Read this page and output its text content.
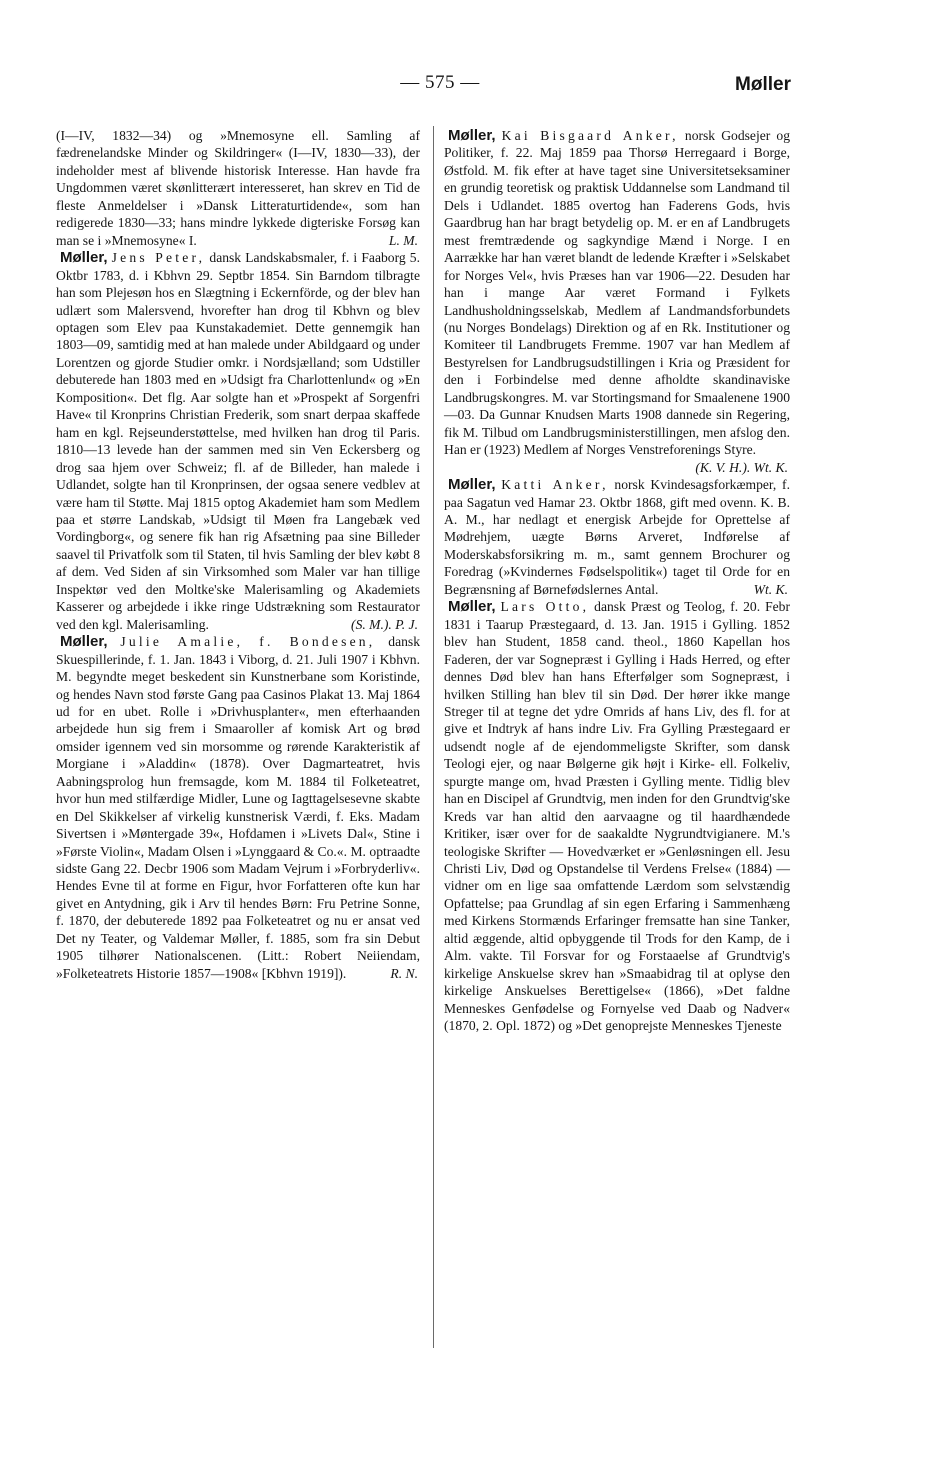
— 575 —	Møller

(I—IV, 1832—34) og »Mnemosyne ell. Samling af fædrenelandske Minder og Skildringer« (I—IV, 1830—33), der indeholder mest af blivende historisk Interesse. Han havde fra Ungdommen været skønlitterært interesseret, han skrev en Tid de fleste Anmeldelser i »Dansk Litteraturtidende«, som han redigerede 1830—33; hans mindre lykkede digteriske Forsøg kan man se i »Mnemosyne« I.	L. M.

Møller, Jens Peter, dansk Landskabsmaler, f. i Faaborg 5. Oktbr 1783, d. i Kbhvn 29. Septbr 1854. Sin Barndom tilbragte han som Plejesøn hos en Slægtning i Eckernförde, og der blev han udlært som Malersvend, hvorefter han drog til Kbhvn og blev optagen som Elev paa Kunstakademiet. Dette gennemgik han 1803—09, samtidig med at han malede under Abildgaard og under Lorentzen og gjorde Studier omkr. i Nordsjælland; som Udstiller debuterede han 1803 med en »Udsigt fra Charlottenlund« og »En Komposition«. Det flg. Aar solgte han et »Prospekt af Sorgenfri Have« til Kronprins Christian Frederik, som snart derpaa skaffede ham en kgl. Rejseunderstøttelse, med hvilken han drog til Paris. 1810—13 levede han der sammen med sin Ven Eckersberg og drog saa hjem over Schweiz; fl. af de Billeder, han malede i Udlandet, solgte han til Kronprinsen, der ogsaa senere vedblev at være ham til Støtte. Maj 1815 optog Akademiet ham som Medlem paa et større Landskab, »Udsigt til Møen fra Langebæk ved Vordingborg«, og senere fik han rig Afsætning paa sine Billeder saavel til Privatfolk som til Staten, til hvis Samling der blev købt 8 af dem. Ved Siden af sin Virksomhed som Maler var han tillige Inspektør ved den Moltke'ske Malerisamling og Akademiets Kasserer og arbejdede i ikke ringe Udstrækning som Restaurator ved den kgl. Malerisamling.	(S. M.). P. J.

Møller, Julie Amalie, f. Bondesen, dansk Skuespillerinde, f. 1. Jan. 1843 i Viborg, d. 21. Juli 1907 i Kbhvn. M. begyndte meget beskedent sin Kunstnerbane som Koristinde, og hendes Navn stod første Gang paa Casinos Plakat 13. Maj 1864 ud for en ubet. Rolle i »Drivhusplanter«, men efterhaanden arbejdede hun sig frem i Smaaroller af komisk Art og brød omsider igennem ved sin morsomme og rørende Karakteristik af Morgiane i »Aladdin« (1878). Over Dagmarteatret, hvis Aabningsprolog hun fremsagde, kom M. 1884 til Folketeatret, hvor hun med stilfærdige Midler, Lune og Iagttagelsesevne skabte en Del Skikkelser af virkelig kunstnerisk Værdi, f. Eks. Madam Sivertsen i »Møntergade 39«, Hofdamen i »Livets Dal«, Stine i »Første Violin«, Madam Olsen i »Lynggaard & Co.«. M. optraadte sidste Gang 22. Decbr 1906 som Madam Vejrum i »Forbryderliv«. Hendes Evne til at forme en Figur, hvor Forfatteren ofte kun har givet en Antydning, gik i Arv til hendes Børn: Fru Petrine Sonne, f. 1870, der debuterede 1892 paa Folketeatret og nu er ansat ved Det ny Teater, og Valdemar Møller, f. 1885, som fra sin Debut 1905 tilhører Nationalscenen. (Litt.: Robert Neiiendam, »Folketeatrets Historie 1857—1908« [Kbhvn 1919]).	R. N.

Møller, Kai Bisgaard Anker, norsk Godsejer og Politiker, f. 22. Maj 1859 paa Thorsø Herregaard i Borge, Østfold. M. fik efter at have taget sine Universitetseksaminer en grundig teoretisk og praktisk Uddannelse som Landmand til Dels i Udlandet. 1885 overtog han Faderens Gods, hvis Gaardbrug han har bragt betydelig op. M. er en af Landbrugets mest fremtrædende og sagkyndige Mænd i Norge. I en Aarrække har han været blandt de ledende Kræfter i »Selskabet for Norges Vel«, hvis Præses han var 1906—22. Desuden har han i mange Aar været Formand i Fylkets Landhusholdningsselskab, Medlem af Landmandsforbundets (nu Norges Bondelags) Direktion og af en Rk. Institutioner og Komiteer til Landbrugets Fremme. 1907 var han Medlem af Bestyrelsen for Landbrugsudstillingen i Kria og Præsident for den i Forbindelse med denne afholdte skandinaviske Landbrugskongres. M. var Stortingsmand for Smaalenene 1900—03. Da Gunnar Knudsen Marts 1908 dannede sin Regering, fik M. Tilbud om Landbrugsministerstillingen, men afslog den. Han er (1923) Medlem af Norges Venstreforenings Styre.
(K. V. H.). Wt. K.

Møller, Katti Anker, norsk Kvindesagsforkæmper, f. paa Sagatun ved Hamar 23. Oktbr 1868, gift med ovenn. K. B. A. M., har nedlagt et energisk Arbejde for Oprettelse af Mødrehjem, uægte Børns Arveret, Indførelse af Moderskabsforsikring m. m., samt gennem Brochurer og Foredrag (»Kvindernes Fødselspolitik«) taget til Orde for en Begrænsning af Børnefødslernes Antal.	Wt. K.

Møller, Lars Otto, dansk Præst og Teolog, f. 20. Febr 1831 i Taarup Præstegaard, d. 13. Jan. 1915 i Gylling. 1852 blev han Student, 1858 cand. theol., 1860 Kapellan hos Faderen, der var Sognepræst i Gylling i Hads Herred, og efter dennes Død blev han hans Efterfølger som Sognepræst, i hvilken Stilling han blev til sin Død. Der hører ikke mange Streger til at tegne det ydre Omrids af hans Liv, des fl. for at give et Indtryk af hans indre Liv. Fra Gylling Præstegaard er udsendt nogle af de ejendommeligste Skrifter, som dansk Teologi ejer, og naar Bølgerne gik højt i Kirke- ell. Folkeliv, spurgte mange om, hvad Præsten i Gylling mente. Tidlig blev han en Discipel af Grundtvig, men inden for den Grundtvig'ske Kreds var han altid den aarvaagne og til haardhændede Kritiker, især over for de saakaldte Nygrundtvigianere. M.'s teologiske Skrifter — Hovedværket er »Genløsningen ell. Jesu Christi Liv, Død og Opstandelse til Verdens Frelse« (1884) — vidner om en lige saa omfattende Lærdom som selvstændig Opfattelse; paa Grundlag af sin egen Erfaring i Sammenhæng med Kirkens Stormænds Erfaringer fremsatte han sine Tanker, altid æggende, altid opbyggende til Trods for den Kamp, de i Alm. vakte. Til Forsvar for og Forstaaelse af Grundtvig's kirkelige Anskuelse skrev han »Smaabidrag til at oplyse den kirkelige Anskuelses Berettigelse« (1866), »Det faldne Menneskes Genfødelse og Fornyelse ved Daab og Nadver« (1870, 2. Opl. 1872) og »Det genoprejste Menneskes Tjeneste
